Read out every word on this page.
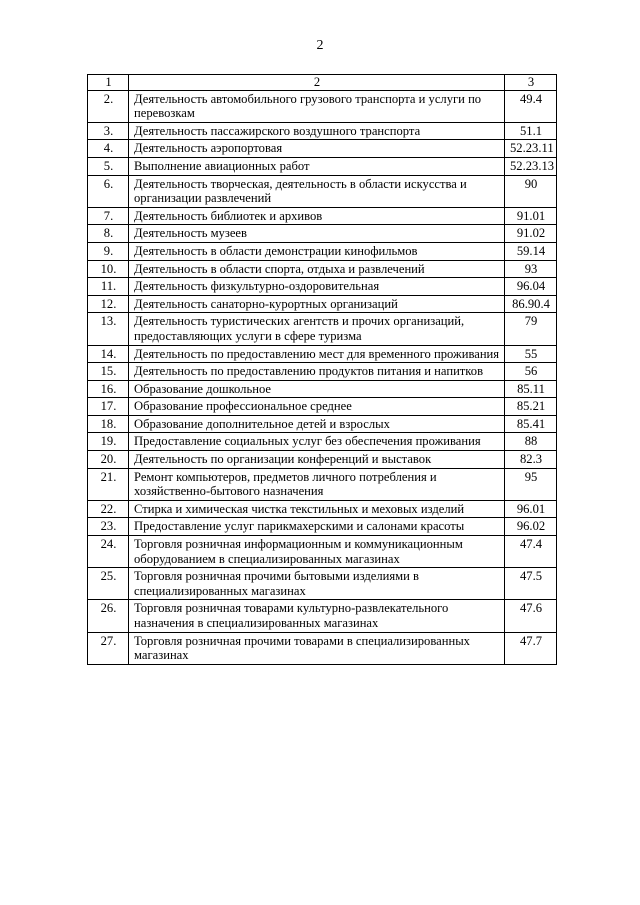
2
1	2	3
2.	Деятельность автомобильного грузового транспорта и услуги по перевозкам	49.4
3.	Деятельность пассажирского воздушного транспорта	51.1
4.	Деятельность аэропортовая	52.23.11
5.	Выполнение авиационных работ	52.23.13
6.	Деятельность творческая, деятельность в области искусства и организации развлечений	90
7.	Деятельность библиотек и архивов	91.01
8.	Деятельность музеев	91.02
9.	Деятельность в области демонстрации кинофильмов	59.14
10.	Деятельность в области спорта, отдыха и развлечений	93
11.	Деятельность физкультурно-оздоровительная	96.04
12.	Деятельность санаторно-курортных организаций	86.90.4
13.	Деятельность туристических агентств и прочих организаций, предоставляющих услуги в сфере туризма	79
14.	Деятельность по предоставлению мест для временного проживания	55
15.	Деятельность по предоставлению продуктов питания и напитков	56
16.	Образование дошкольное	85.11
17.	Образование профессиональное среднее	85.21
18.	Образование дополнительное детей и взрослых	85.41
19.	Предоставление социальных услуг без обеспечения проживания	88
20.	Деятельность по организации конференций и выставок	82.3
21.	Ремонт компьютеров, предметов личного потребления и хозяйственно-бытового назначения	95
22.	Стирка и химическая чистка текстильных и меховых изделий	96.01
23.	Предоставление услуг парикмахерскими и салонами красоты	96.02
24.	Торговля розничная информационным и коммуникационным оборудованием в специализированных магазинах	47.4
25.	Торговля розничная прочими бытовыми изделиями в специализированных магазинах	47.5
26.	Торговля розничная товарами культурно-развлекательного назначения в специализированных магазинах	47.6
27.	Торговля розничная прочими товарами в специализированных магазинах	47.7
